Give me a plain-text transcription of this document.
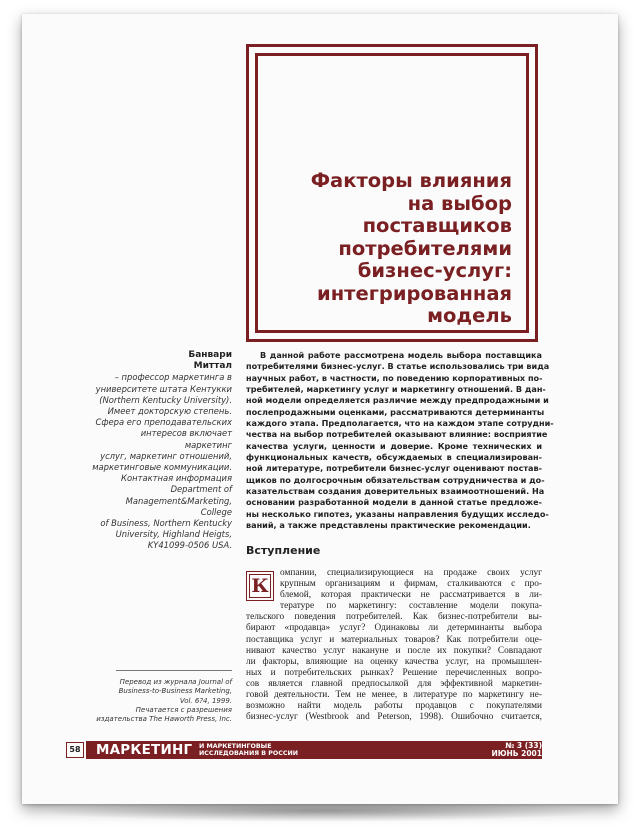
Факторы влияния
на выбор
поставщиков
потребителями
бизнес-услуг:
интегрированная
модель
Банвари
Миттал
– профессор маркетинга в
университете штата Кентукки
(Northern Kentucky University).
Имеет докторскую степень.
Сфера его преподавательских
интересов включает маркетинг
услуг, маркетинг отношений,
маркетинговые коммуникации.
Контактная информация
Department of
Management&Marketing, College
of Business, Northern Kentucky
University, Highland Heigts,
KY41099-0506 USA.
В данной работе рассмотрена модель выбора поставщика
потребителями бизнес-услуг. В статье использовались три вида
научных работ, в частности, по поведению корпоративных по-
требителей, маркетингу услуг и маркетингу отношений. В дан-
ной модели определяется различие между предпродажными и
послепродажными оценками, рассматриваются детерминанты
каждого этапа. Предполагается, что на каждом этапе сотрудни-
чества на выбор потребителей оказывают влияние: восприятие
качества услуги, ценности и доверие. Кроме технических и
функциональных качеств, обсуждаемых в специализирован-
ной литературе, потребители бизнес-услуг оценивают постав-
щиков по долгосрочным обязательствам сотрудничества и до-
казательствам создания доверительных взаимоотношений. На
основании разработанной модели в данной статье предложе-
ны несколько гипотез, указаны направления будущих исследо-
ваний, а также представлены практические рекомендации.
Вступление
К
омпании, специализирующиеся на продаже своих услуг
крупным организациям и фирмам, сталкиваются с про-
блемой, которая практически не рассматривается в ли-
тературе по маркетингу: составление модели покупа-
тельского поведения потребителей. Как бизнес-потребители вы-
бирают «продавца» услуг? Одинаковы ли детерминанты выбора
поставщика услуг и материальных товаров? Как потребители оце-
нивают качество услуг накануне и после их покупки? Совпадают
ли факторы, влияющие на оценку качества услуг, на промышлен-
ных и потребительских рынках? Решение перечисленных вопро-
сов является главной предпосылкой для эффективной маркетин-
говой деятельности. Тем не менее, в литературе по маркетингу не-
возможно найти модель работы продавцов с покупателями
бизнес-услуг (Westbrook and Peterson, 1998). Ошибочно считается,
Перевод из журнала Journal of
Business-to-Business Marketing,
Vol. 6?4, 1999.
Печатается с разрешения
издательства The Haworth Press, Inc.
58 МАРКЕТИНГ И МАРКЕТИНГОВЫЕ
ИССЛЕДОВАНИЯ В РОССИИ
№ 3 (33)
ИЮНЬ 2001
